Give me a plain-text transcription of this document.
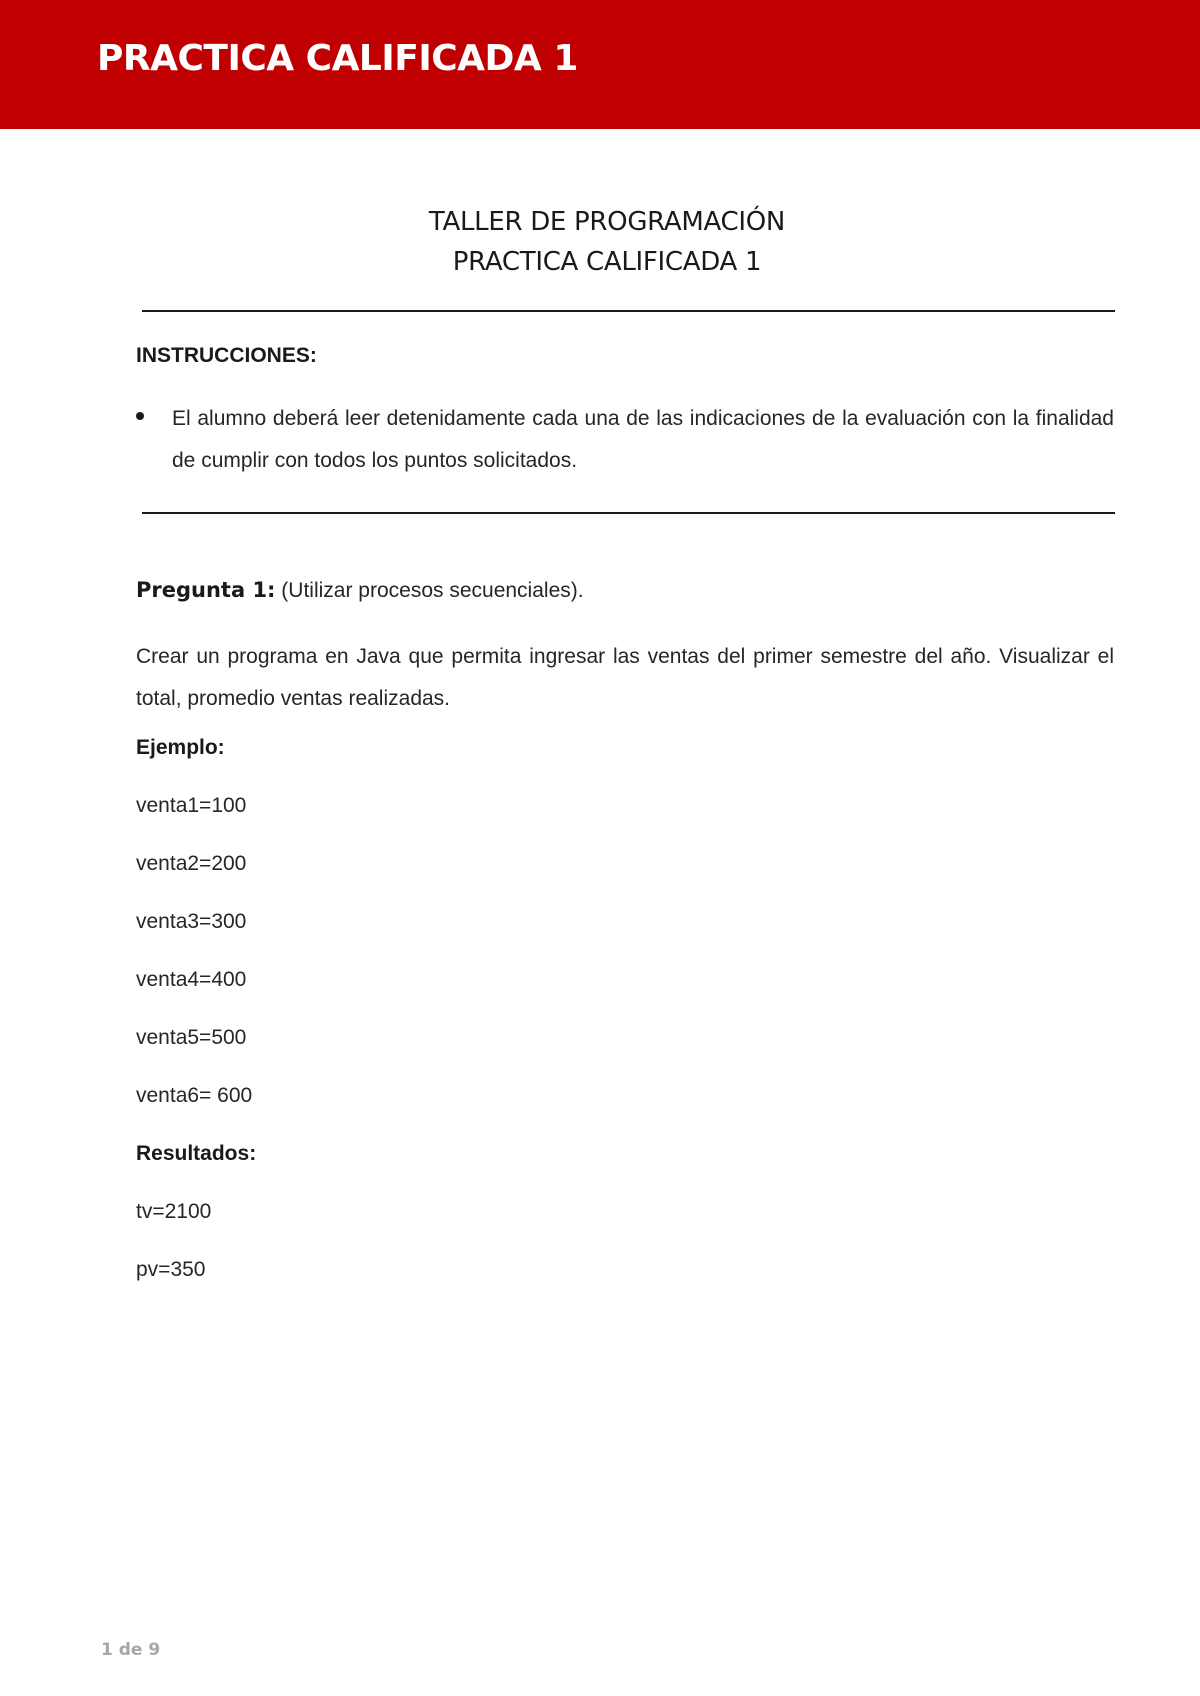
PRACTICA CALIFICADA 1
TALLER DE PROGRAMACIÓN
PRACTICA CALIFICADA 1
INSTRUCCIONES:
El alumno deberá leer detenidamente cada una de las indicaciones de la evaluación con la finalidad de cumplir con todos los puntos solicitados.
Pregunta 1: (Utilizar procesos secuenciales).
Crear un programa en Java que permita ingresar las ventas del primer semestre del año. Visualizar el total, promedio ventas realizadas.
Ejemplo:
venta1=100
venta2=200
venta3=300
venta4=400
venta5=500
venta6= 600
Resultados:
tv=2100
pv=350
1 de 9
